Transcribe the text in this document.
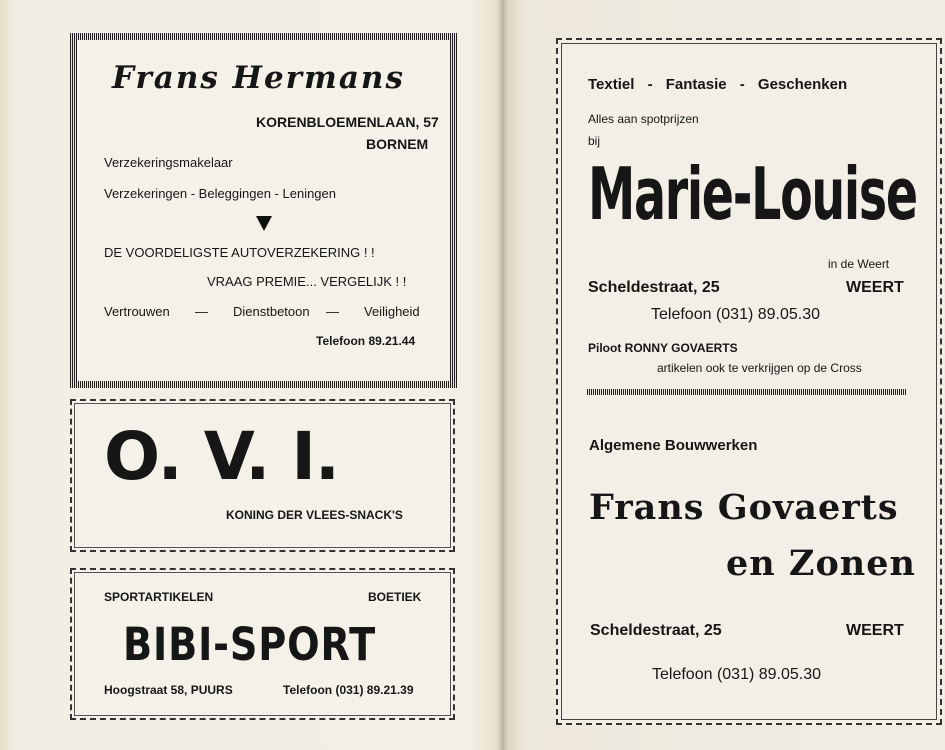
Frans Hermans
KORENBLOEMENLAAN, 57
BORNEM
Verzekeringsmakelaar
Verzekeringen - Beleggingen - Leningen
DE VOORDELIGSTE AUTOVERZEKERING ! !
VRAAG PREMIE... VERGELIJK ! !
Vertrouwen — Dienstbetoon — Veiligheid
Telefoon 89.21.44
O. V. I.
KONING DER VLEES-SNACK'S
SPORTARTIKELEN	BOETIEK
BIBI-SPORT
Hoogstraat 58, PUURS	Telefoon (031) 89.21.39
Textiel - Fantasie - Geschenken
Alles aan spotprijzen
bij
Marie-Louise
in de Weert
Scheldestraat, 25	WEERT
Telefoon (031) 89.05.30
Piloot RONNY GOVAERTS
artikelen ook te verkrijgen op de Cross
Algemene Bouwwerken
Frans Govaerts
en Zonen
Scheldestraat, 25	WEERT
Telefoon (031) 89.05.30
